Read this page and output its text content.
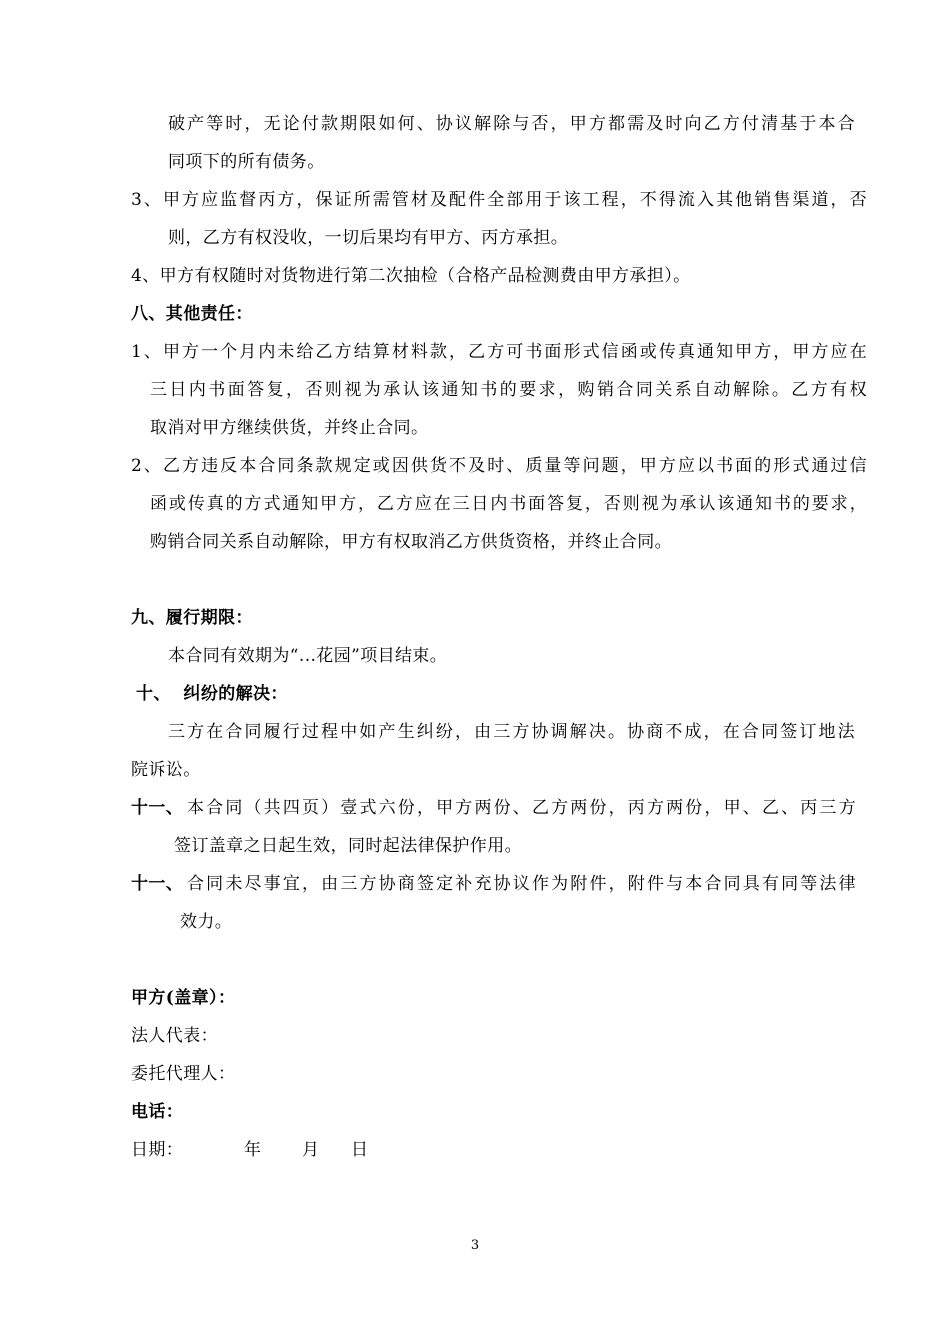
破产等时，无论付款期限如何、协议解除与否，甲方都需及时向乙方付清基于本合
同项下的所有债务。
3、甲方应监督丙方，保证所需管材及配件全部用于该工程，不得流入其他销售渠道，否
则，乙方有权没收，一切后果均有甲方、丙方承担。
4、甲方有权随时对货物进行第二次抽检（合格产品检测费由甲方承担）。
八、其他责任：
1、甲方一个月内未给乙方结算材料款，乙方可书面形式信函或传真通知甲方，甲方应在
三日内书面答复，否则视为承认该通知书的要求，购销合同关系自动解除。乙方有权
取消对甲方继续供货，并终止合同。
2、乙方违反本合同条款规定或因供货不及时、质量等问题，甲方应以书面的形式通过信
函或传真的方式通知甲方，乙方应在三日内书面答复，否则视为承认该通知书的要求，
购销合同关系自动解除，甲方有权取消乙方供货资格，并终止合同。
九、履行期限：
本合同有效期为“...花园”项目结束。
十、  纠纷的解决：
三方在合同履行过程中如产生纠纷，由三方协调解决。协商不成，在合同签订地法
院诉讼。
十一、 本合同（共四页）壹式六份，甲方两份、乙方两份，丙方两份，甲、乙、丙三方
签订盖章之日起生效，同时起法律保护作用。
十一、 合同未尽事宜，由三方协商签定补充协议作为附件，附件与本合同具有同等法律
效力。
甲方(盖章）：
法人代表：
委托代理人：
电话：
日期：	年 月 日
3
